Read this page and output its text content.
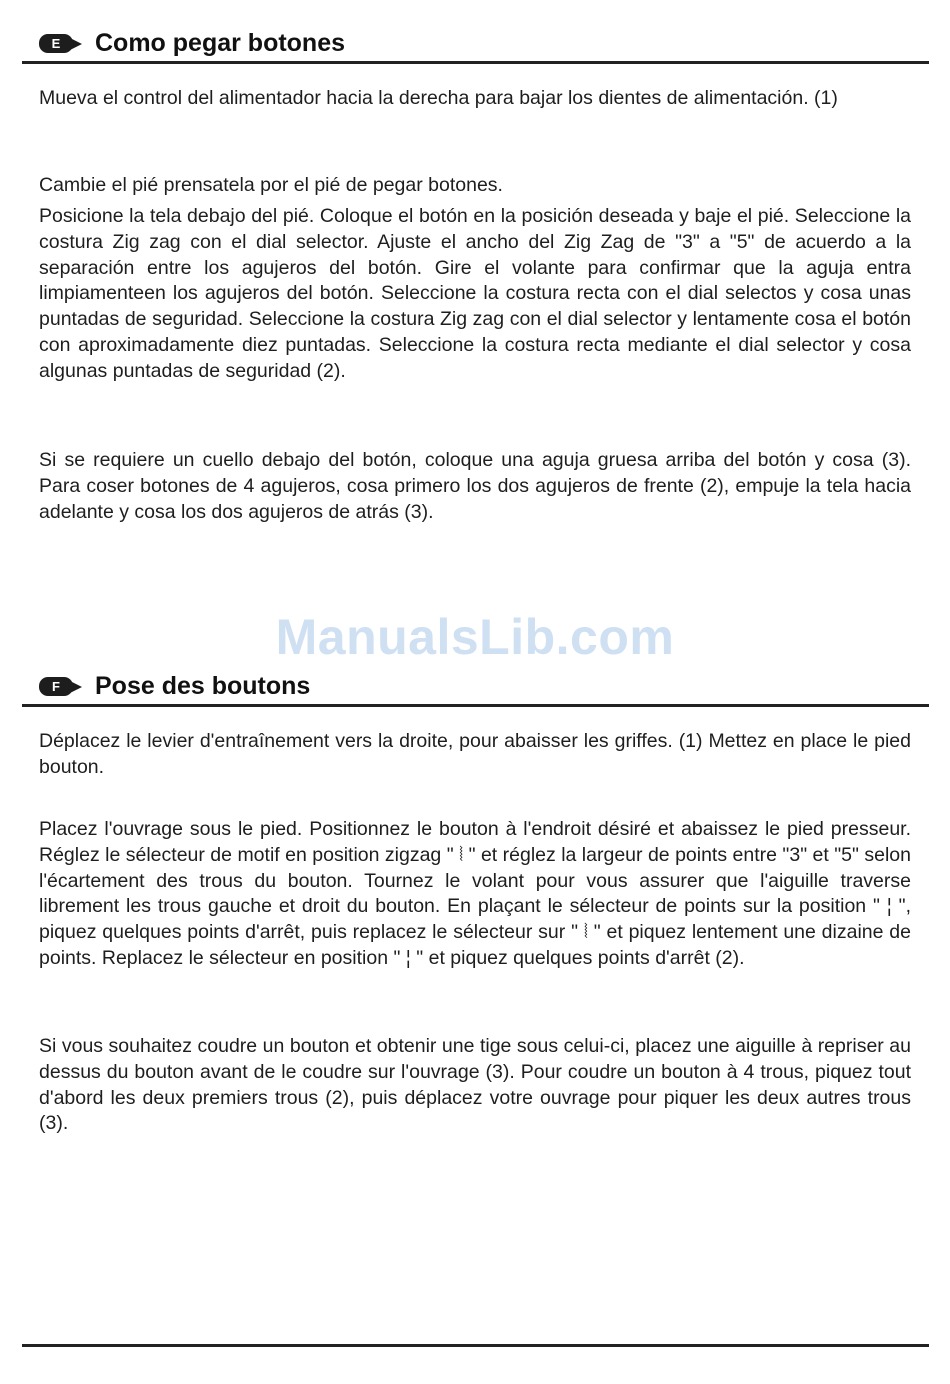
E	Como pegar botones

Mueva el control del alimentador hacia la derecha para bajar los dientes de alimentación. (1)

Cambie el pié prensatela por el pié de pegar botones.

Posicione la tela debajo del pié. Coloque el botón en la posición deseada y baje el pié. Seleccione la costura Zig zag con el dial selector. Ajuste el ancho del Zig Zag de "3" a "5" de acuerdo a la separación entre los agujeros del botón. Gire el volante para confirmar que la aguja entra limpiamenteen los agujeros del botón. Seleccione la costura recta con el dial selectos y cosa unas puntadas de seguridad. Seleccione la costura Zig zag con el dial selector y lentamente cosa el botón con aproximadamente diez puntadas. Seleccione la costura recta mediante el dial selector y cosa algunas puntadas de seguridad (2).

Si se requiere un cuello debajo del botón, coloque una aguja gruesa arriba del botón y cosa (3). Para coser botones de 4 agujeros, cosa primero los dos agujeros de frente (2), empuje la tela hacia adelante y cosa los dos agujeros de atrás (3).

ManualsLib.com
F	Pose des boutons

Déplacez le levier d'entraînement vers la droite, pour abaisser les griffes. (1) Mettez en place le pied bouton.

Placez l'ouvrage sous le pied. Positionnez le bouton à l'endroit désiré et abaissez le pied presseur. Réglez le sélecteur de motif en position zigzag " ⦚ " et réglez la largeur de points entre "3" et "5" selon l'écartement des trous du bouton. Tournez le volant pour vous assurer que l'aiguille traverse librement les trous gauche et droit du bouton. En plaçant le sélecteur de points sur la position " ¦ ", piquez quelques points d'arrêt, puis replacez le sélecteur sur " ⦚ " et piquez lentement une dizaine de points. Replacez le sélecteur en position " ¦ " et piquez quelques points d'arrêt (2).

Si vous souhaitez coudre un bouton et obtenir une tige sous celui-ci, placez une aiguille à repriser au dessus du bouton avant de le coudre sur l'ouvrage (3). Pour coudre un bouton à 4 trous, piquez tout d'abord les deux premiers trous (2), puis déplacez votre ouvrage pour piquer les deux autres trous (3).
